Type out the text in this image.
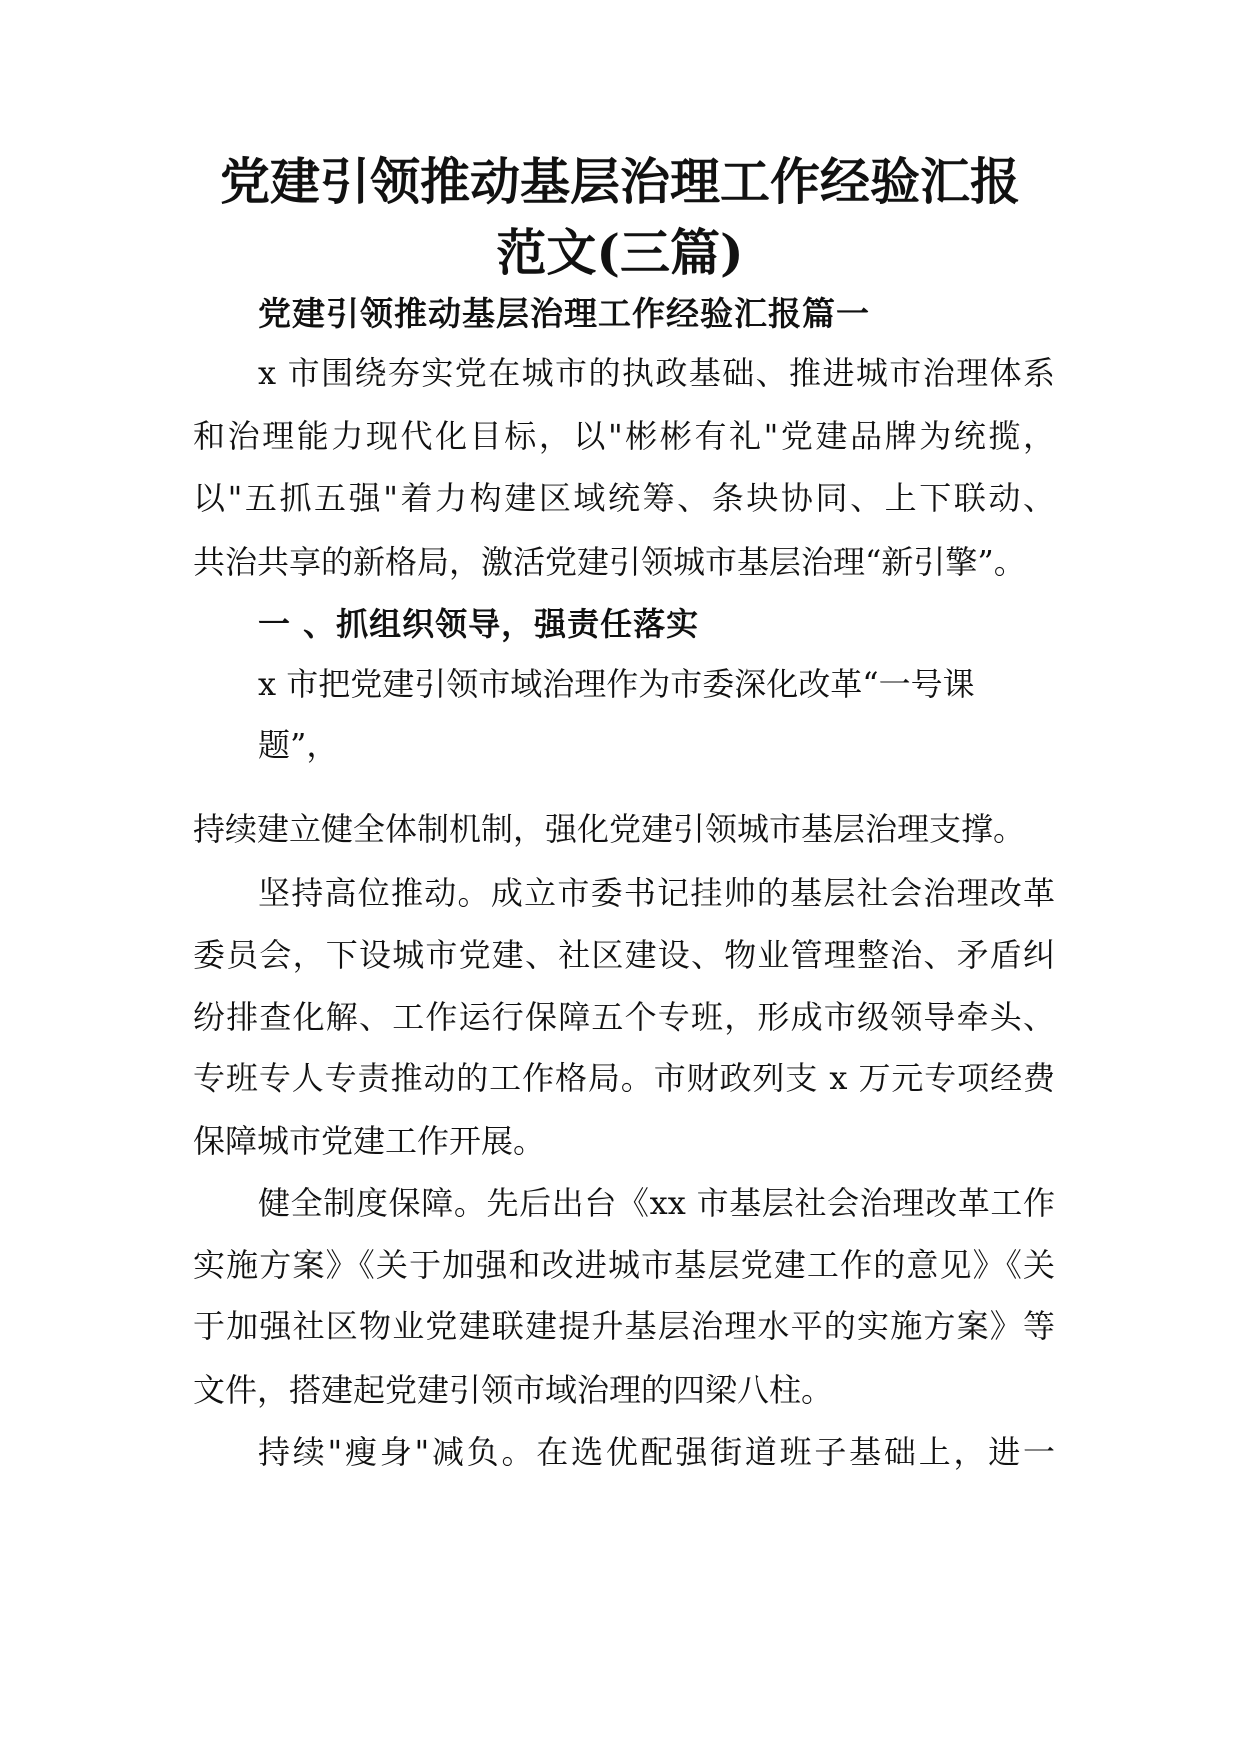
党建引领推动基层治理工作经验汇报
范文(三篇)
党建引领推动基层治理工作经验汇报篇一
x 市围绕夯实党在城市的执政基础、推进城市治理体系
和治理能力现代化目标，以"彬彬有礼"党建品牌为统揽，
以"五抓五强"着力构建区域统筹、条块协同、上下联动、
共治共享的新格局，激活党建引领城市基层治理“新引擎”。
一 、抓组织领导，强责任落实
x 市把党建引领市域治理作为市委深化改革“一号课
题”，
持续建立健全体制机制，强化党建引领城市基层治理支撑。
坚持高位推动。成立市委书记挂帅的基层社会治理改革
委员会，下设城市党建、社区建设、物业管理整治、矛盾纠
纷排查化解、工作运行保障五个专班，形成市级领导牵头、
专班专人专责推动的工作格局。市财政列支 x 万元专项经费
保障城市党建工作开展。
健全制度保障。先后出台《xx 市基层社会治理改革工作
实施方案》《关于加强和改进城市基层党建工作的意见》《关
于加强社区物业党建联建提升基层治理水平的实施方案》等
文件，搭建起党建引领市域治理的四梁八柱。
持续"瘦身"减负。在选优配强街道班子基础上，进一
